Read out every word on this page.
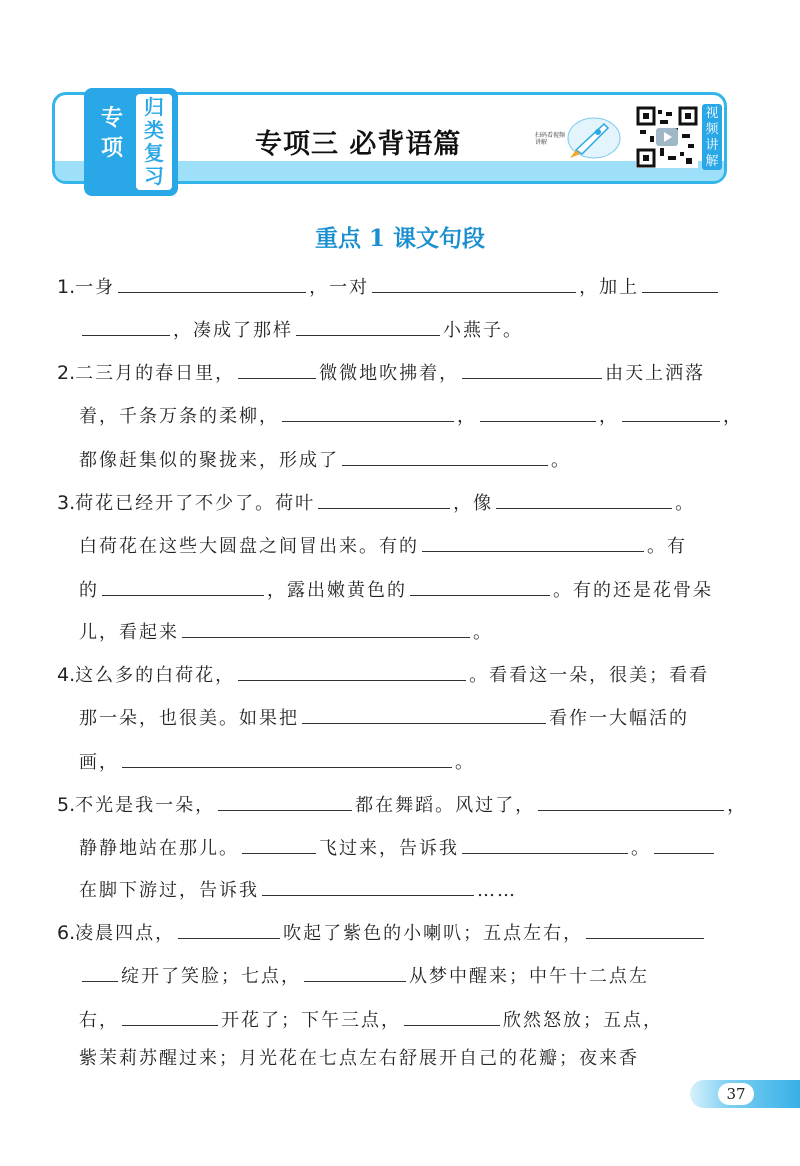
专
项
归
类
复
习
专项三 必背语篇	扫码看视频讲解
视
频
讲
解
重点 1 课文句段
1.一身	，一对	，加上
，凑成了那样	小燕子。
2.二三月的春日里，	微微地吹拂着，	由天上洒落
着，千条万条的柔柳，	，	，	，
都像赶集似的聚拢来，形成了	。
3.荷花已经开了不少了。荷叶	，像	。
白荷花在这些大圆盘之间冒出来。有的	。有
的	，露出嫩黄色的	。有的还是花骨朵
儿，看起来	。
4.这么多的白荷花，	。看看这一朵，很美；看看
那一朵，也很美。如果把	看作一大幅活的
画，	。
5.不光是我一朵，	都在舞蹈。风过了，	，
静静地站在那儿。	飞过来，告诉我	。
在脚下游过，告诉我	……
6.凌晨四点，	吹起了紫色的小喇叭；五点左右，
绽开了笑脸；七点，	从梦中醒来；中午十二点左
右，	开花了；下午三点，	欣然怒放；五点，
紫茉莉苏醒过来；月光花在七点左右舒展开自己的花瓣；夜来香
37
